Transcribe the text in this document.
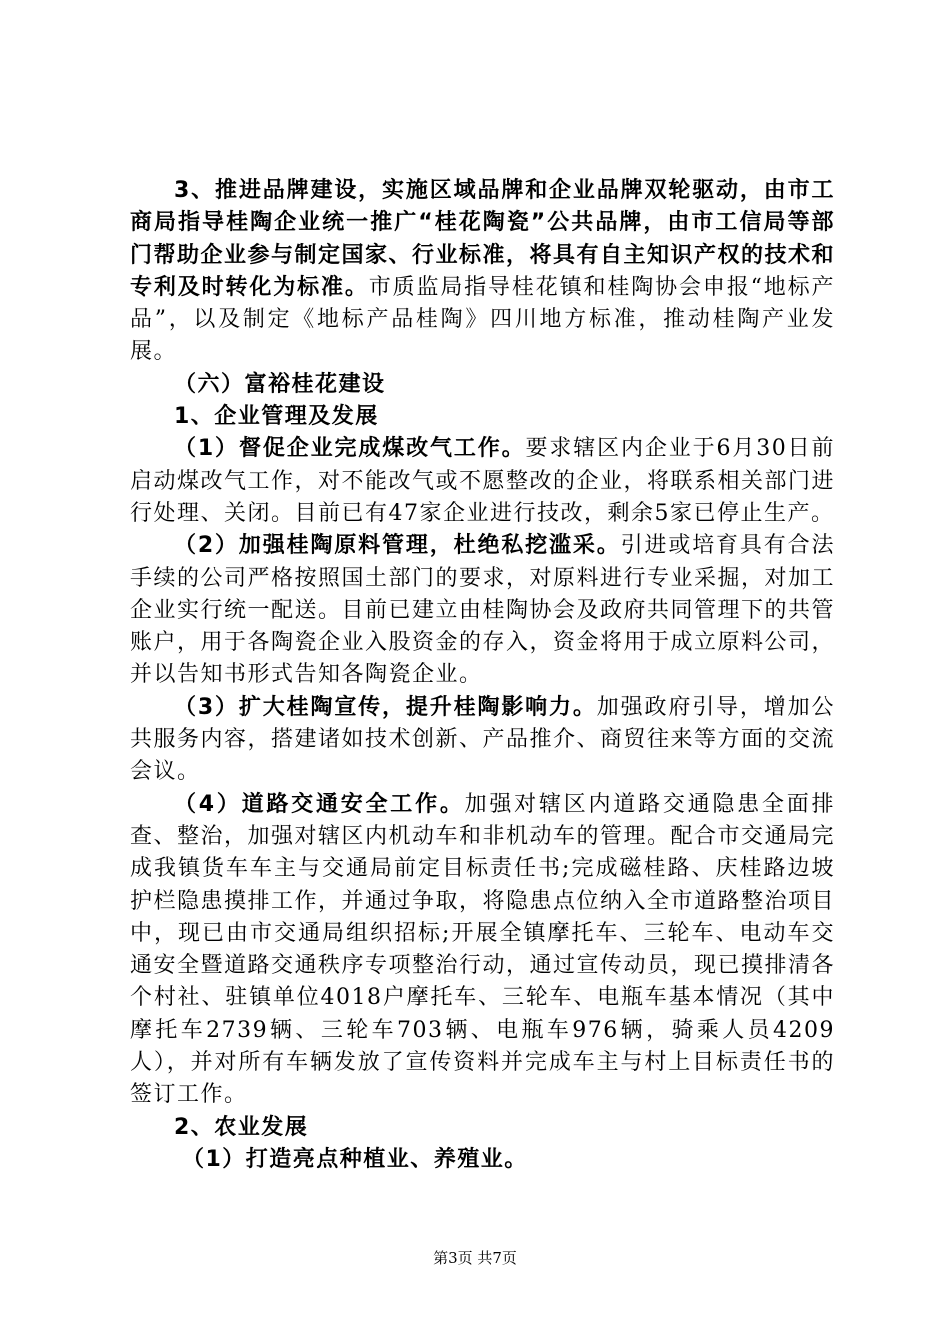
3、推进品牌建设，实施区域品牌和企业品牌双轮驱动，由市工商局指导桂陶企业统一推广“桂花陶瓷”公共品牌，由市工信局等部门帮助企业参与制定国家、行业标准，将具有自主知识产权的技术和专利及时转化为标准。市质监局指导桂花镇和桂陶协会申报“地标产品”，以及制定《地标产品桂陶》四川地方标准，推动桂陶产业发展。

（六）富裕桂花建设

1、企业管理及发展

（1）督促企业完成煤改气工作。要求辖区内企业于6月30日前启动煤改气工作，对不能改气或不愿整改的企业，将联系相关部门进行处理、关闭。目前已有47家企业进行技改，剩余5家已停止生产。

（2）加强桂陶原料管理，杜绝私挖滥采。引进或培育具有合法手续的公司严格按照国土部门的要求，对原料进行专业采掘，对加工企业实行统一配送。目前已建立由桂陶协会及政府共同管理下的共管账户，用于各陶瓷企业入股资金的存入，资金将用于成立原料公司，并以告知书形式告知各陶瓷企业。

（3）扩大桂陶宣传，提升桂陶影响力。加强政府引导，增加公共服务内容，搭建诸如技术创新、产品推介、商贸往来等方面的交流会议。

（4）道路交通安全工作。加强对辖区内道路交通隐患全面排查、整治，加强对辖区内机动车和非机动车的管理。配合市交通局完成我镇货车车主与交通局前定目标责任书;完成磁桂路、庆桂路边坡护栏隐患摸排工作，并通过争取，将隐患点位纳入全市道路整治项目中，现已由市交通局组织招标;开展全镇摩托车、三轮车、电动车交通安全暨道路交通秩序专项整治行动，通过宣传动员，现已摸排清各个村社、驻镇单位4018户摩托车、三轮车、电瓶车基本情况（其中摩托车2739辆、三轮车703辆、电瓶车976辆，骑乘人员4209人），并对所有车辆发放了宣传资料并完成车主与村上目标责任书的签订工作。

2、农业发展

（1）打造亮点种植业、养殖业。

第3页 共7页
